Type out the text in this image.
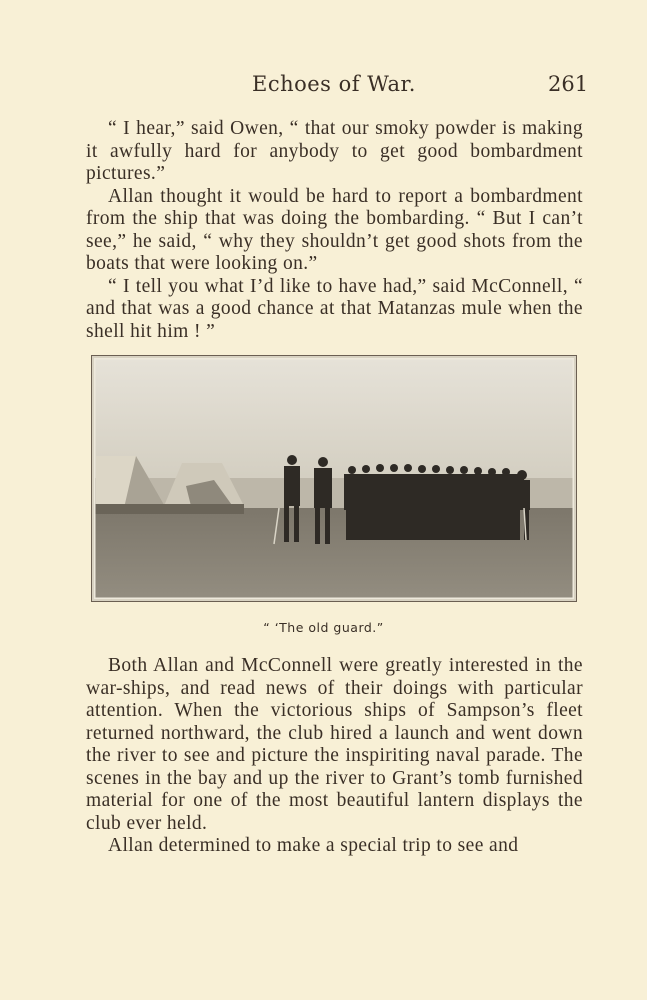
Echoes of War.	261

“ I hear,” said Owen, “ that our smoky powder is making it awfully hard for anybody to get good bombardment pictures.”

Allan thought it would be hard to report a bombardment from the ship that was doing the bombarding. “ But I can’t see,” he said, “ why they shouldn’t get good shots from the boats that were looking on.”

“ I tell you what I’d like to have had,” said McConnell, “ and that was a good chance at that Matanzas mule when the shell hit him ! ”

“ ‘The old guard.”

Both Allan and McConnell were greatly interested in the war-ships, and read news of their doings with particular attention. When the victorious ships of Sampson’s fleet returned northward, the club hired a launch and went down the river to see and picture the inspiriting naval parade. The scenes in the bay and up the river to Grant’s tomb furnished material for one of the most beautiful lantern displays the club ever held.

Allan determined to make a special trip to see and
